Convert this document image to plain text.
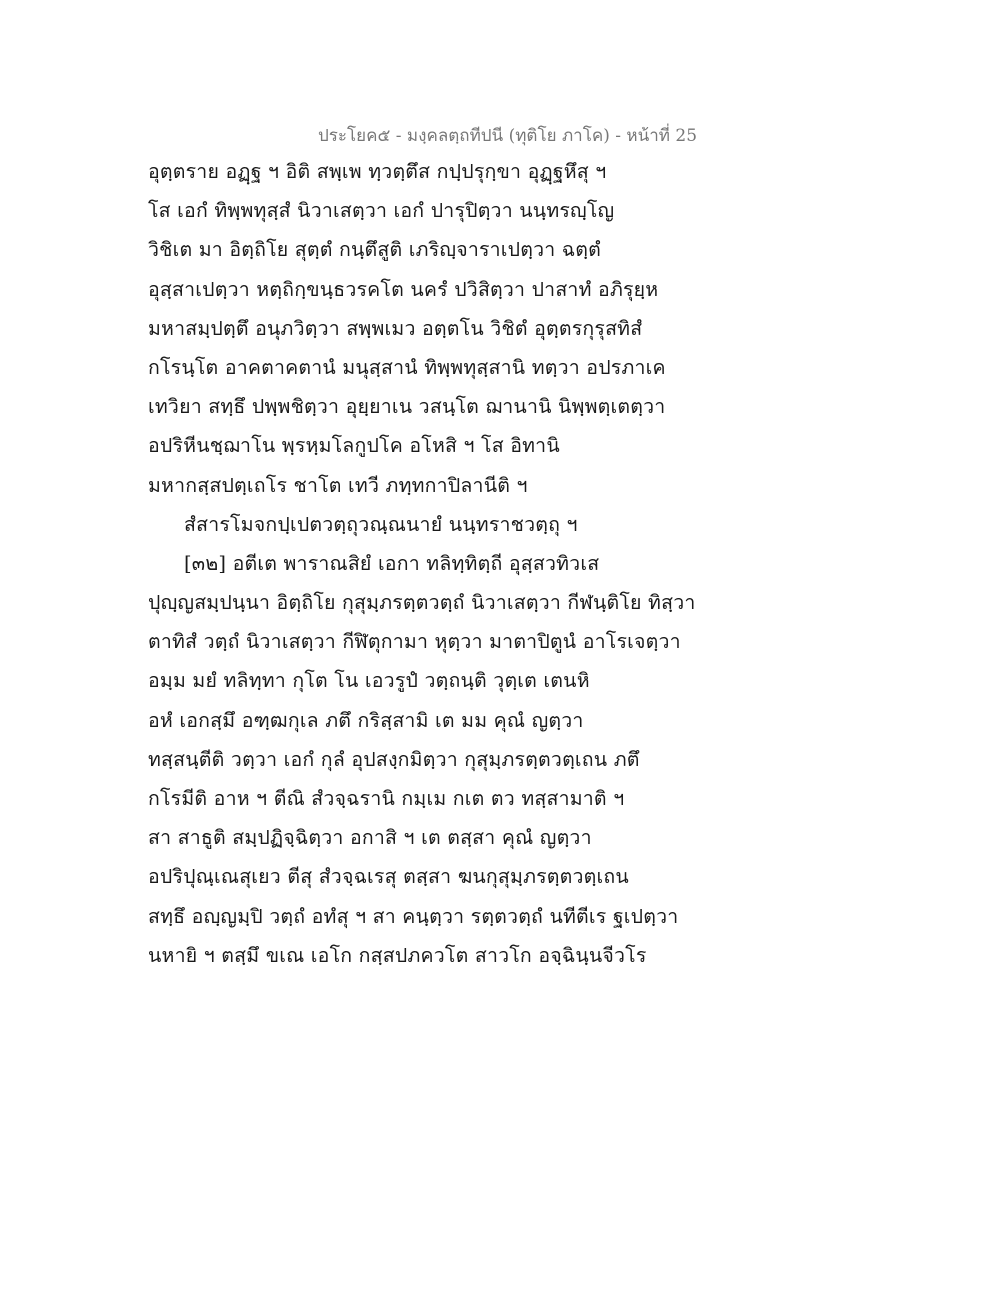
ประโยค๕ - มงฺคลตฺถทีปนี (ทุติโย ภาโค) - หน้าที่ 25
อุตฺตราย อฏฺฐ ฯ อิติ สพฺเพ ทฺวตฺตึส กปฺปรุกฺขา อุฏฺฐหึสุ ฯ
โส เอกํ ทิพฺพทุสฺสํ นิวาเสตฺวา เอกํ ปารุปิตฺวา นนฺทรญฺโญ
วิชิเต มา อิตฺถิโย สุตฺตํ กนฺตึสูติ เภริญฺจาราเปตฺวา ฉตฺตํ
อุสฺสาเปตฺวา หตฺถิกฺขนฺธวรคโต นครํ ปวิสิตฺวา ปาสาทํ อภิรุยฺห
มหาสมฺปตฺตึ อนุภวิตฺวา สพฺพเมว อตฺตโน วิชิตํ อุตฺตรกุรุสทิสํ
กโรนฺโต อาคตาคตานํ มนุสฺสานํ ทิพฺพทุสฺสานิ ทตฺวา อปรภาเค
เทวิยา สทฺธึ ปพฺพชิตฺวา อุยฺยาเน วสนฺโต ฌานานิ นิพฺพตฺเตตฺวา
อปริหีนชฺฌาโน พฺรหฺมโลกูปโค อโหสิ ฯ โส อิทานิ
มหากสฺสปตฺเถโร ชาโต เทวี ภทฺทกาปิลานีติ ฯ
สํสารโมจกปฺเปตวตฺถุวณฺณนายํ นนฺทราชวตฺถุ ฯ
[๓๒] อตีเต พาราณสิยํ เอกา ทลิทฺทิตฺถี อุสฺสวทิวเส
ปุญฺญสมฺปนฺนา อิตฺถิโย กุสุมฺภรตฺตวตฺถํ นิวาเสตฺวา กีฬนฺติโย ทิสฺวา
ตาทิสํ วตฺถํ นิวาเสตฺวา กีฬิตุกามา หุตฺวา มาตาปิตูนํ อาโรเจตฺวา
อมฺม มยํ ทลิทฺทา กุโต โน เอวรูปํ วตฺถนฺติ วุตฺเต เตนหิ
อหํ เอกสฺมึ อฑฺฒกุเล ภตึ กริสฺสามิ เต มม คุณํ ญตฺวา
ทสฺสนฺตีติ วตฺวา เอกํ กุลํ อุปสงฺกมิตฺวา กุสุมฺภรตฺตวตฺเถน ภตึ
กโรมีติ อาห ฯ ตีณิ สํวจฺฉรานิ กมฺเม กเต ตว ทสฺสามาติ ฯ
สา สาธูติ สมฺปฏิจฺฉิตฺวา อกาสิ ฯ เต ตสฺสา คุณํ ญตฺวา
อปริปุณฺเณสุเยว ตีสุ สํวจฺฉเรสุ ตสฺสา ฆนกุสุมฺภรตฺตวตฺเถน
สทฺธึ อญฺญมฺปิ วตฺถํ อทํสุ ฯ สา คนฺตฺวา รตฺตวตฺถํ นทีตีเร ฐเปตฺวา
นหายิ ฯ ตสฺมึ ขเณ เอโก กสฺสปภควโต สาวโก อจฺฉินฺนจีวโร
